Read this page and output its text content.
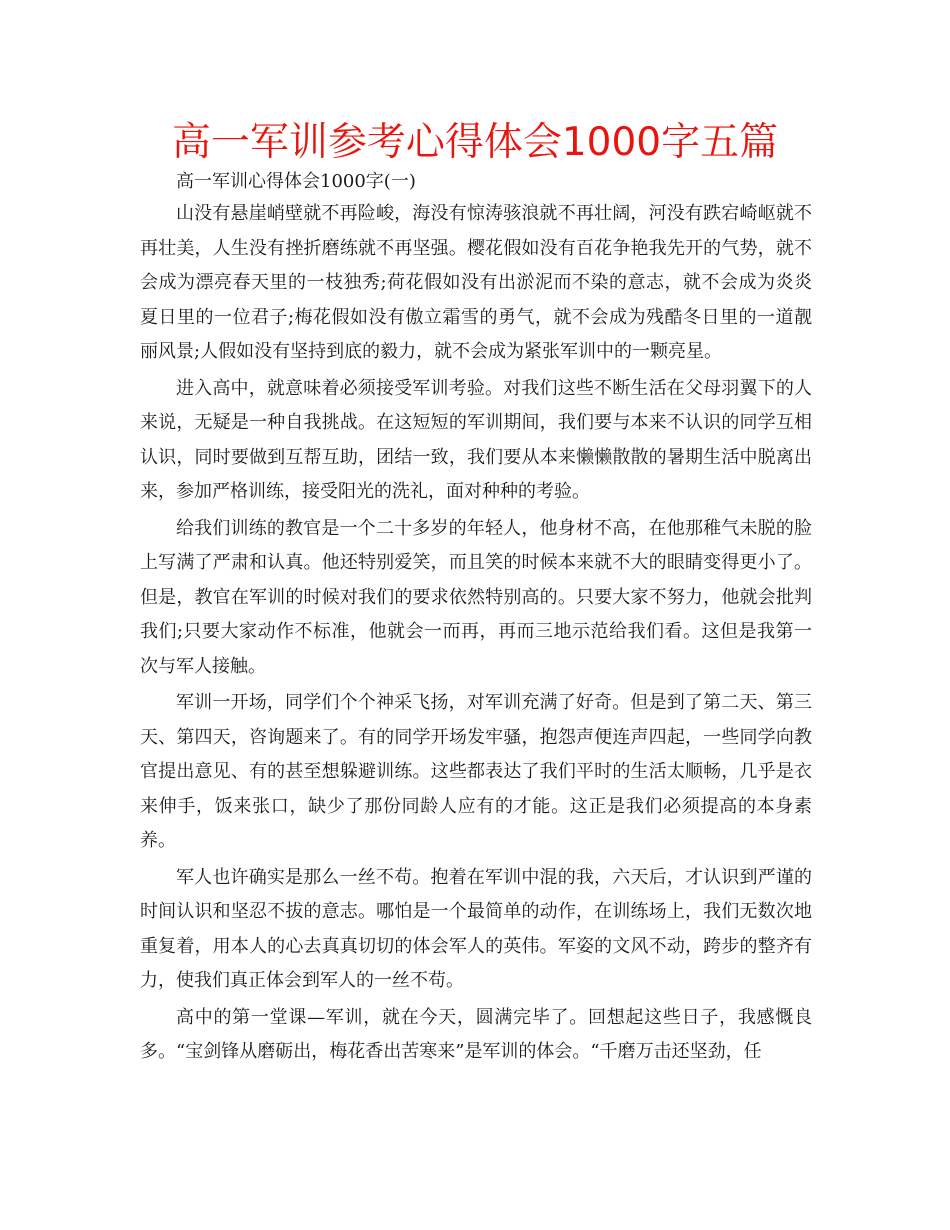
高一军训参考心得体会1000字五篇

高一军训心得体会1000字(一)

山没有悬崖峭壁就不再险峻，海没有惊涛骇浪就不再壮阔，河没有跌宕崎岖就不再壮美，人生没有挫折磨练就不再坚强。樱花假如没有百花争艳我先开的气势，就不会成为漂亮春天里的一枝独秀;荷花假如没有出淤泥而不染的意志，就不会成为炎炎夏日里的一位君子;梅花假如没有傲立霜雪的勇气，就不会成为残酷冬日里的一道靓丽风景;人假如没有坚持到底的毅力，就不会成为紧张军训中的一颗亮星。

进入高中，就意味着必须接受军训考验。对我们这些不断生活在父母羽翼下的人来说，无疑是一种自我挑战。在这短短的军训期间，我们要与本来不认识的同学互相认识，同时要做到互帮互助，团结一致，我们要从本来懒懒散散的暑期生活中脱离出来，参加严格训练，接受阳光的洗礼，面对种种的考验。

给我们训练的教官是一个二十多岁的年轻人，他身材不高，在他那稚气未脱的脸上写满了严肃和认真。他还特别爱笑，而且笑的时候本来就不大的眼睛变得更小了。但是，教官在军训的时候对我们的要求依然特别高的。只要大家不努力，他就会批判我们;只要大家动作不标准，他就会一而再，再而三地示范给我们看。这但是我第一次与军人接触。

军训一开场，同学们个个神采飞扬，对军训充满了好奇。但是到了第二天、第三天、第四天，咨询题来了。有的同学开场发牢骚，抱怨声便连声四起，一些同学向教官提出意见、有的甚至想躲避训练。这些都表达了我们平时的生活太顺畅，几乎是衣来伸手，饭来张口，缺少了那份同龄人应有的才能。这正是我们必须提高的本身素养。

军人也许确实是那么一丝不苟。抱着在军训中混的我，六天后，才认识到严谨的时间认识和坚忍不拔的意志。哪怕是一个最简单的动作，在训练场上，我们无数次地重复着，用本人的心去真真切切的体会军人的英伟。军姿的文风不动，跨步的整齐有力，使我们真正体会到军人的一丝不苟。

高中的第一堂课—军训，就在今天，圆满完毕了。回想起这些日子，我感慨良多。“宝剑锋从磨砺出，梅花香出苦寒来”是军训的体会。“千磨万击还坚劲，任
